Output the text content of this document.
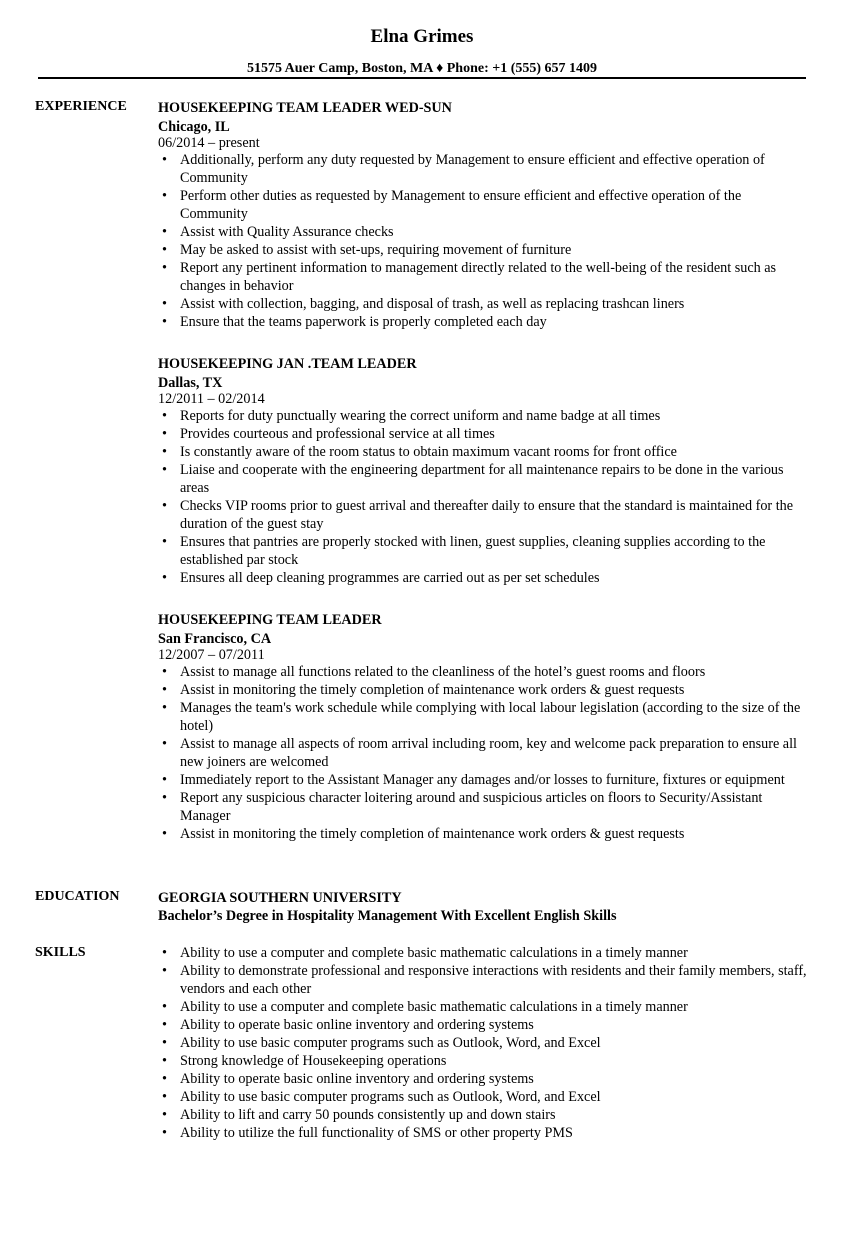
Elna Grimes
51575 Auer Camp, Boston, MA ♦ Phone: +1 (555) 657 1409
EXPERIENCE HOUSEKEEPING TEAM LEADER WED-SUN
Chicago, IL
06/2014 – present
• Additionally, perform any duty requested by Management to ensure efficient and effective operation of Community
• Perform other duties as requested by Management to ensure efficient and effective operation of the Community
• Assist with Quality Assurance checks
• May be asked to assist with set-ups, requiring movement of furniture
• Report any pertinent information to management directly related to the well-being of the resident such as changes in behavior
• Assist with collection, bagging, and disposal of trash, as well as replacing trashcan liners
• Ensure that the teams paperwork is properly completed each day
HOUSEKEEPING JAN .TEAM LEADER
Dallas, TX
12/2011 – 02/2014
• Reports for duty punctually wearing the correct uniform and name badge at all times
• Provides courteous and professional service at all times
• Is constantly aware of the room status to obtain maximum vacant rooms for front office
• Liaise and cooperate with the engineering department for all maintenance repairs to be done in the various areas
• Checks VIP rooms prior to guest arrival and thereafter daily to ensure that the standard is maintained for the duration of the guest stay
• Ensures that pantries are properly stocked with linen, guest supplies, cleaning supplies according to the established par stock
• Ensures all deep cleaning programmes are carried out as per set schedules
HOUSEKEEPING TEAM LEADER
San Francisco, CA
12/2007 – 07/2011
• Assist to manage all functions related to the cleanliness of the hotel’s guest rooms and floors
• Assist in monitoring the timely completion of maintenance work orders & guest requests
• Manages the team's work schedule while complying with local labour legislation (according to the size of the hotel)
• Assist to manage all aspects of room arrival including room, key and welcome pack preparation to ensure all new joiners are welcomed
• Immediately report to the Assistant Manager any damages and/or losses to furniture, fixtures or equipment
• Report any suspicious character loitering around and suspicious articles on floors to Security/Assistant Manager
• Assist in monitoring the timely completion of maintenance work orders & guest requests
EDUCATION	GEORGIA SOUTHERN UNIVERSITY
Bachelor’s Degree in Hospitality Management With Excellent English Skills
SKILLS	• Ability to use a computer and complete basic mathematic calculations in a timely manner
• Ability to demonstrate professional and responsive interactions with residents and their family members, staff, vendors and each other
• Ability to use a computer and complete basic mathematic calculations in a timely manner
• Ability to operate basic online inventory and ordering systems
• Ability to use basic computer programs such as Outlook, Word, and Excel
• Strong knowledge of Housekeeping operations
• Ability to operate basic online inventory and ordering systems
• Ability to use basic computer programs such as Outlook, Word, and Excel
• Ability to lift and carry 50 pounds consistently up and down stairs
• Ability to utilize the full functionality of SMS or other property PMS
